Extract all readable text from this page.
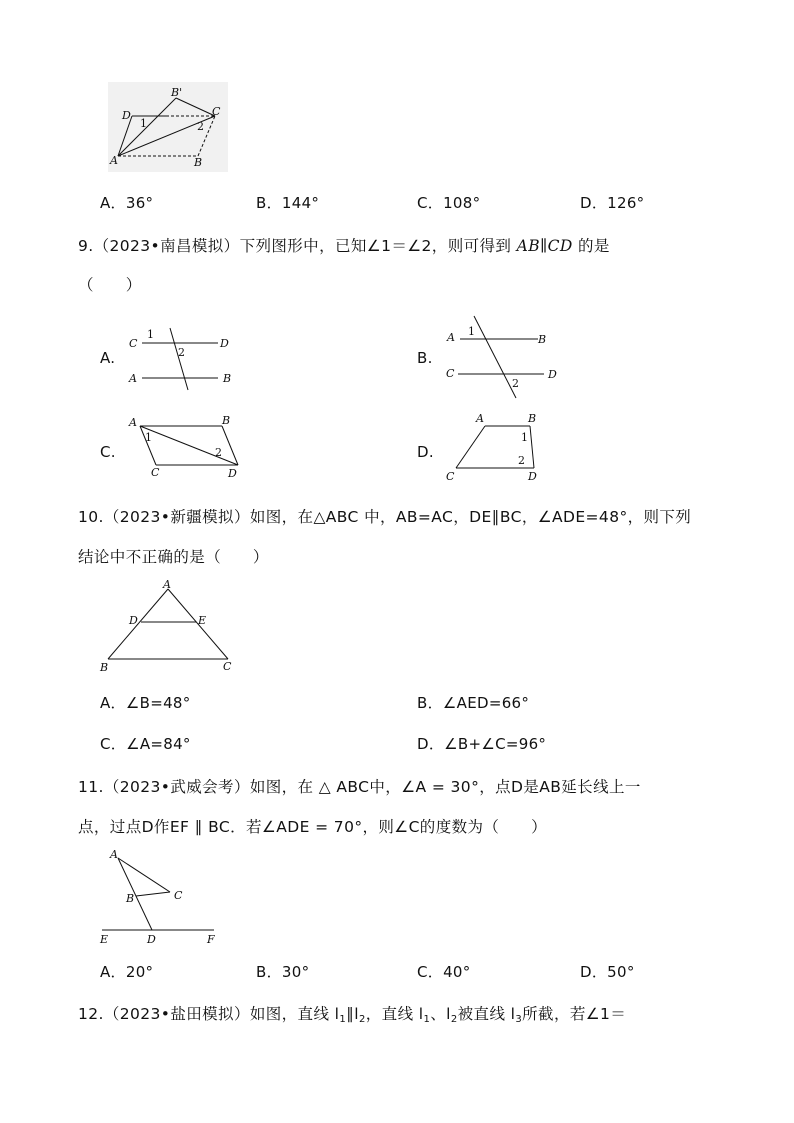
D
B'
C
1	2
A	B
A．36°	B．144°	C．108°	D．126°
9.（2023•南昌模拟）下列图形中，已知∠1＝∠2，则可得到 AB∥CD 的是
（　　）
A.
C
1
2
D
A	B
B.
A 1
B
C
2
D
C.
A
1
B
2
C	D
D.
A	B
1
2
C	D
10.（2023•新疆模拟）如图，在△ABC 中，AB=AC，DE∥BC，∠ADE=48°，则下列
结论中不正确的是（　　）
A
D	E
B	C
A．∠B=48°	B．∠AED=66°
C．∠A=84°	D．∠B+∠C=96°
11.（2023•武威会考）如图，在 △ ABC中，∠A = 30°，点D是AB延长线上一
点，过点D作EF ∥ BC．若∠ADE = 70°，则∠C的度数为（　　）
A
B	C
E	D	F
A．20°	B．30°	C．40°	D．50°
12.（2023•盐田模拟）如图，直线 $l_1\parallel l_2$，直线 $l_1$、$l_2$被直线 $l_3$所截，若∠1＝
